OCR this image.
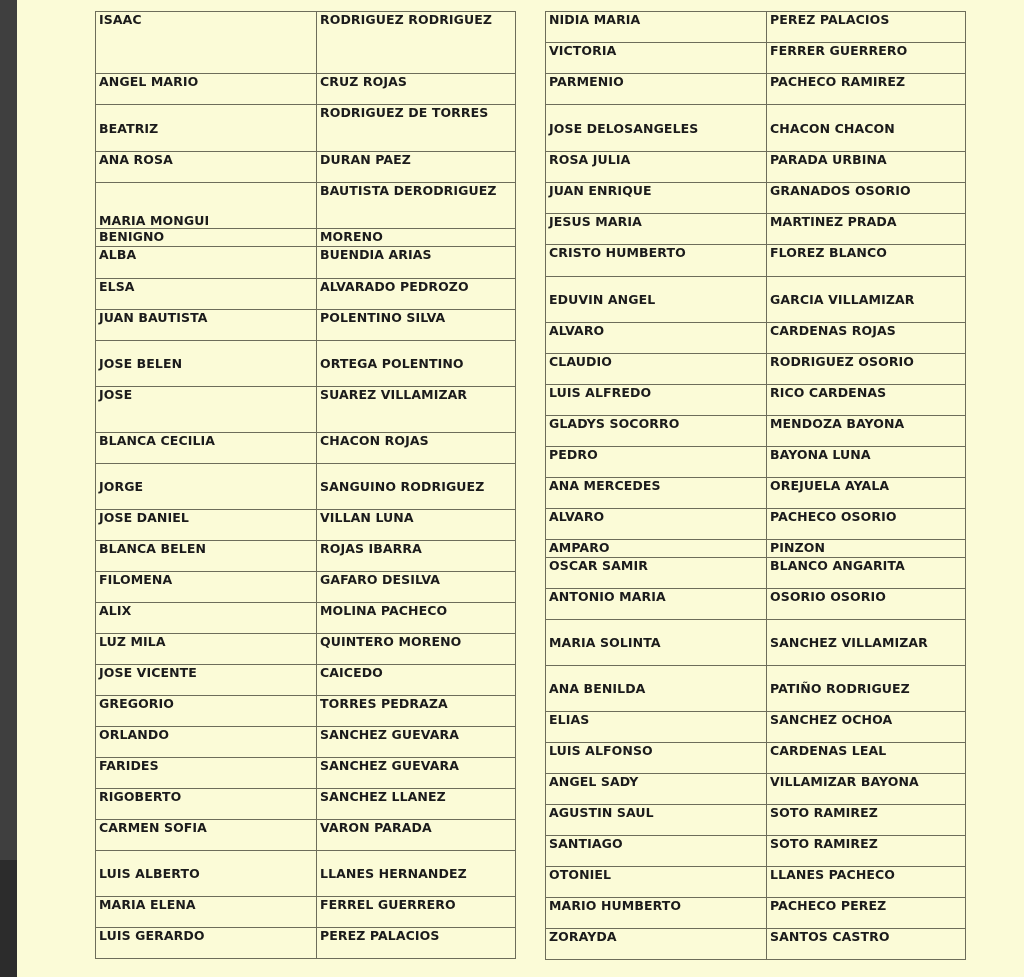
ISAAC	RODRIGUEZ RODRIGUEZ
ANGEL MARIO	CRUZ ROJAS
BEATRIZ	RODRIGUEZ DE TORRES
ANA ROSA	DURAN PAEZ
MARIA MONGUI	BAUTISTA DERODRIGUEZ
BENIGNO	MORENO
ALBA	BUENDIA ARIAS
ELSA	ALVARADO PEDROZO
JUAN BAUTISTA	POLENTINO SILVA
JOSE BELEN	ORTEGA POLENTINO
JOSE	SUAREZ VILLAMIZAR
BLANCA CECILIA	CHACON ROJAS
JORGE	SANGUINO RODRIGUEZ
JOSE DANIEL	VILLAN LUNA
BLANCA BELEN	ROJAS IBARRA
FILOMENA	GAFARO DESILVA
ALIX	MOLINA PACHECO
LUZ MILA	QUINTERO MORENO
JOSE VICENTE	CAICEDO
GREGORIO	TORRES PEDRAZA
ORLANDO	SANCHEZ GUEVARA
FARIDES	SANCHEZ GUEVARA
RIGOBERTO	SANCHEZ LLANEZ
CARMEN SOFIA	VARON PARADA
LUIS ALBERTO	LLANES HERNANDEZ
MARIA ELENA	FERREL GUERRERO
LUIS GERARDO	PEREZ PALACIOS
NIDIA MARIA	PEREZ PALACIOS
VICTORIA	FERRER GUERRERO
PARMENIO	PACHECO RAMIREZ
JOSE DELOSANGELES	CHACON CHACON
ROSA JULIA	PARADA URBINA
JUAN ENRIQUE	GRANADOS OSORIO
JESUS MARIA	MARTINEZ PRADA
CRISTO HUMBERTO	FLOREZ BLANCO
EDUVIN ANGEL	GARCIA VILLAMIZAR
ALVARO	CARDENAS ROJAS
CLAUDIO	RODRIGUEZ OSORIO
LUIS ALFREDO	RICO CARDENAS
GLADYS SOCORRO	MENDOZA BAYONA
PEDRO	BAYONA LUNA
ANA MERCEDES	OREJUELA AYALA
ALVARO	PACHECO OSORIO
AMPARO	PINZON
OSCAR SAMIR	BLANCO ANGARITA
ANTONIO MARIA	OSORIO OSORIO
MARIA SOLINTA	SANCHEZ VILLAMIZAR
ANA BENILDA	PATIÑO RODRIGUEZ
ELIAS	SANCHEZ OCHOA
LUIS ALFONSO	CARDENAS LEAL
ANGEL SADY	VILLAMIZAR BAYONA
AGUSTIN SAUL	SOTO RAMIREZ
SANTIAGO	SOTO RAMIREZ
OTONIEL	LLANES PACHECO
MARIO HUMBERTO	PACHECO PEREZ
ZORAYDA	SANTOS CASTRO
